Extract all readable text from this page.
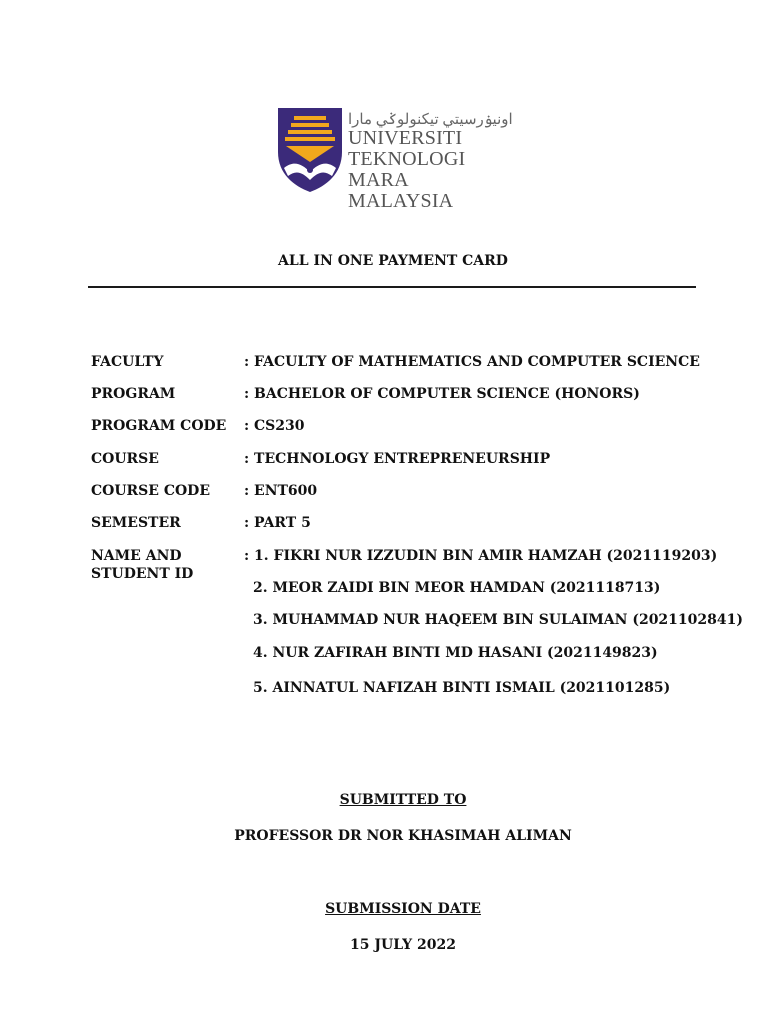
اونيۏرسيتي تيكنولوݢي مارا
UNIVERSITI
TEKNOLOGI MARA
MALAYSIA
ALL IN ONE PAYMENT CARD
FACULTY	: FACULTY OF MATHEMATICS AND COMPUTER SCIENCE
PROGRAM	: BACHELOR OF COMPUTER SCIENCE (HONORS)
PROGRAM CODE	: CS230
COURSE	: TECHNOLOGY ENTREPRENEURSHIP
COURSE CODE	: ENT600
SEMESTER	: PART 5
NAME AND
STUDENT ID
: 1. FIKRI NUR IZZUDIN BIN AMIR HAMZAH (2021119203)
2. MEOR ZAIDI BIN MEOR HAMDAN (2021118713)
3. MUHAMMAD NUR HAQEEM BIN SULAIMAN (2021102841)
4. NUR ZAFIRAH BINTI MD HASANI (2021149823)
5. AINNATUL NAFIZAH BINTI ISMAIL (2021101285)
SUBMITTED TO
PROFESSOR DR NOR KHASIMAH ALIMAN
SUBMISSION DATE
15 JULY 2022
